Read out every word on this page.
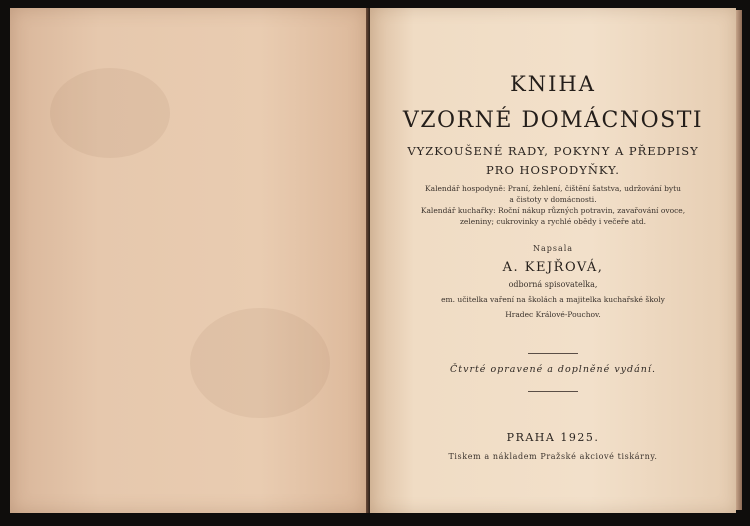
KNIHA
VZORNÉ DOMÁCNOSTI
VYZKOUŠENÉ RADY, POKYNY A PŘEDPISY
PRO HOSPODYŇKY.
Kalendář hospodyně: Praní, žehlení, čištění šatstva, udržování bytu
a čistoty v domácnosti.
Kalendář kuchařky: Roční nákup různých potravin, zavařování ovoce,
zeleniny; cukrovinky a rychlé obědy i večeře atd.
Napsala
A. KEJŘOVÁ,
odborná spisovatelka,
em. učitelka vaření na školách a majitelka kuchařské školy
Hradec Králové-Pouchov.
Čtvrté opravené a doplněné vydání.
PRAHA 1925.
Tiskem a nákladem Pražské akciové tiskárny.
